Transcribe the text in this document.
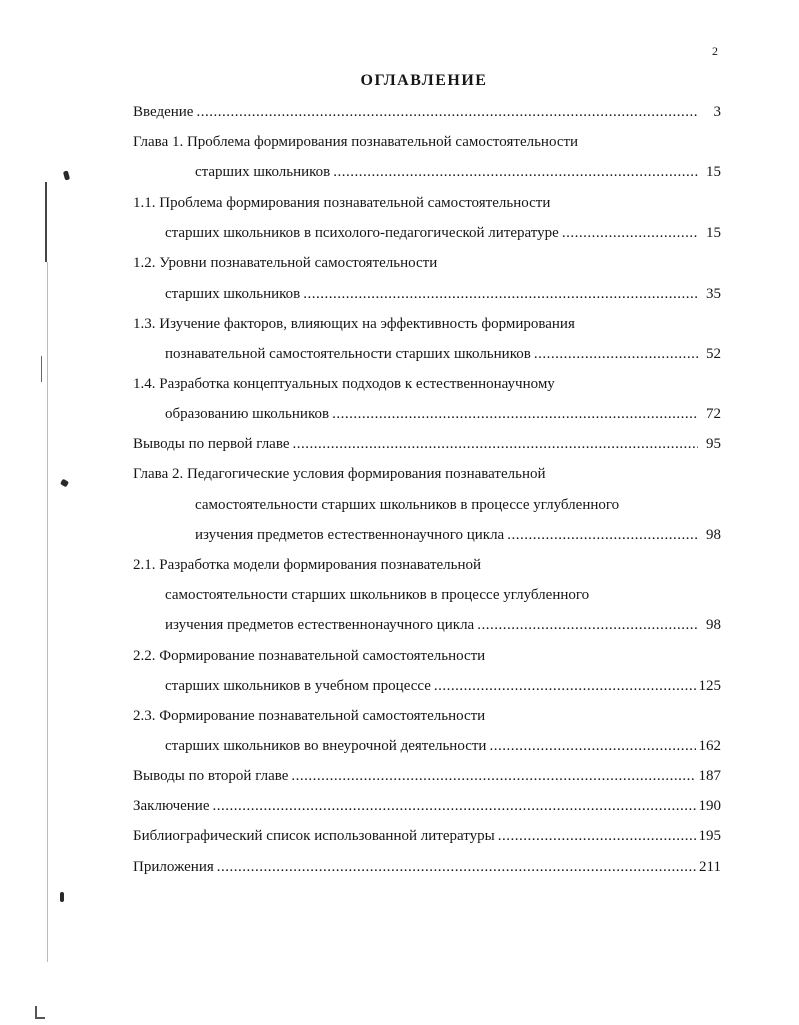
2
ОГЛАВЛЕНИЕ
Введение .....	3
Глава 1. Проблема формирования познавательной самостоятельности
старших школьников .....	15
1.1. Проблема формирования познавательной самостоятельности
старших школьников в психолого-педагогической литературе .....	15
1.2. Уровни познавательной самостоятельности
старших школьников .....	35
1.3. Изучение факторов, влияющих на эффективность формирования
познавательной самостоятельности старших школьников .....	52
1.4. Разработка концептуальных подходов к естественнонаучному
образованию школьников .....	72
Выводы по первой главе .....	95
Глава 2. Педагогические условия формирования познавательной
самостоятельности старших школьников в процессе углубленного
изучения предметов естественнонаучного цикла .....	98
2.1. Разработка модели формирования познавательной
самостоятельности старших школьников в процессе углубленного
изучения предметов естественнонаучного цикла .....	98
2.2. Формирование познавательной самостоятельности
старших школьников в учебном процессе .....	125
2.3. Формирование познавательной самостоятельности
старших школьников во внеурочной деятельности .....	162
Выводы по второй главе .....	187
Заключение .....	190
Библиографический список использованной литературы .....	195
Приложения .....	211
